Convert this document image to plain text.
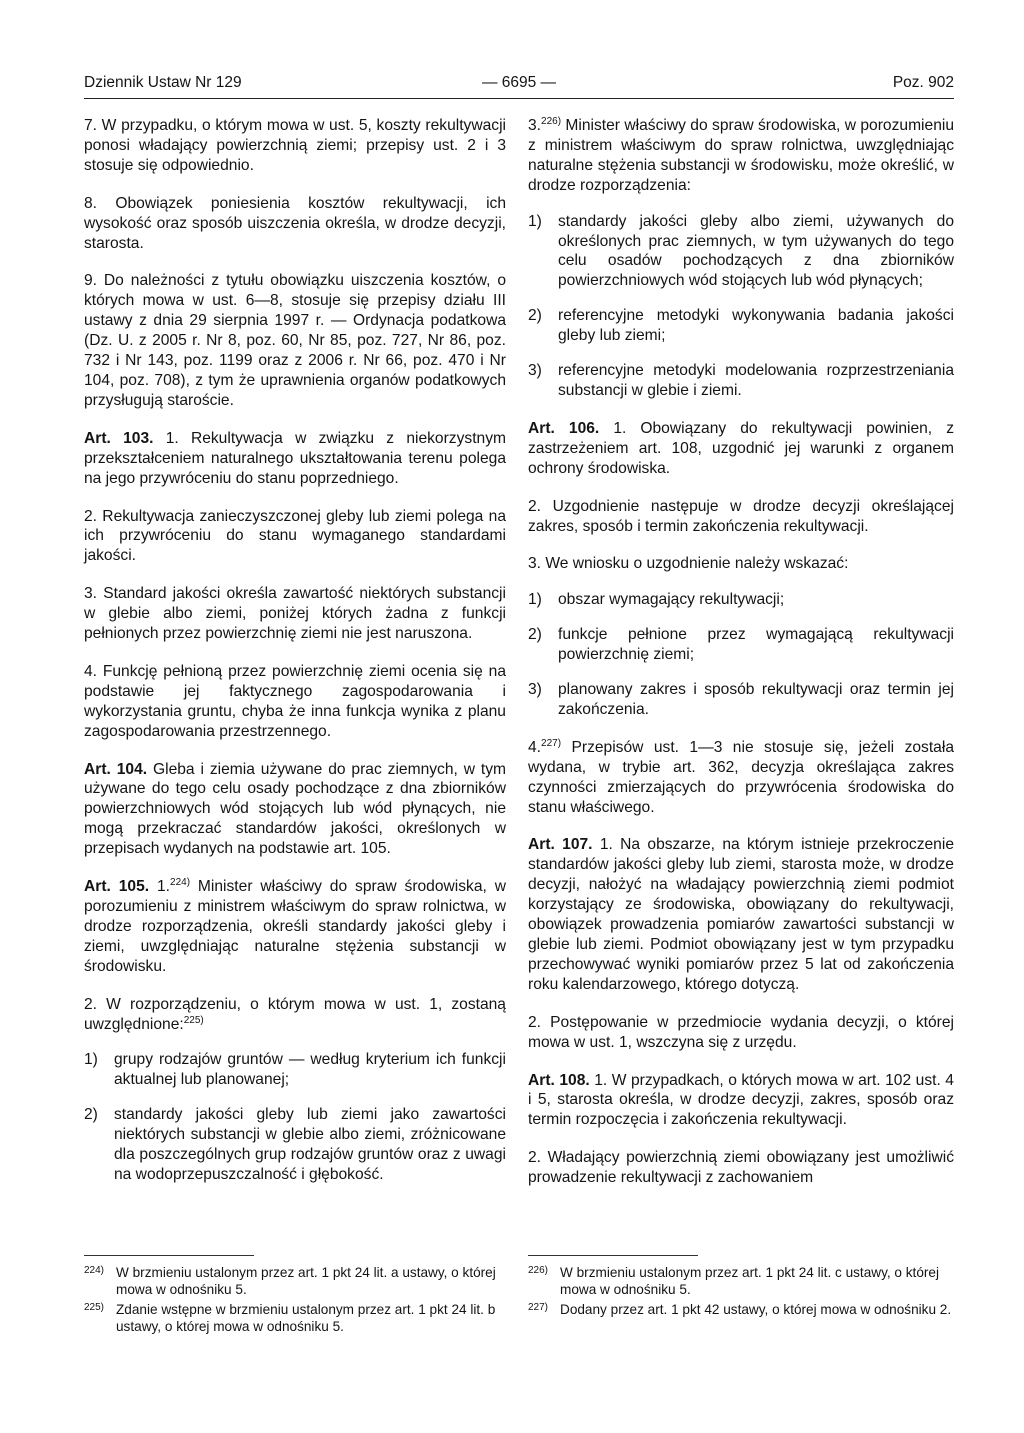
Dziennik Ustaw Nr 129	— 6695 —	Poz. 902

7. W przypadku, o którym mowa w ust. 5, koszty rekultywacji ponosi władający powierzchnią ziemi; przepisy ust. 2 i 3 stosuje się odpowiednio.

8. Obowiązek poniesienia kosztów rekultywacji, ich wysokość oraz sposób uiszczenia określa, w drodze decyzji, starosta.

9. Do należności z tytułu obowiązku uiszczenia kosztów, o których mowa w ust. 6—8, stosuje się przepisy działu III ustawy z dnia 29 sierpnia 1997 r. — Ordynacja podatkowa (Dz. U. z 2005 r. Nr 8, poz. 60, Nr 85, poz. 727, Nr 86, poz. 732 i Nr 143, poz. 1199 oraz z 2006 r. Nr 66, poz. 470 i Nr 104, poz. 708), z tym że uprawnienia organów podatkowych przysługują staroście.

Art. 103. 1. Rekultywacja w związku z niekorzystnym przekształceniem naturalnego ukształtowania terenu polega na jego przywróceniu do stanu poprzedniego.

2. Rekultywacja zanieczyszczonej gleby lub ziemi polega na ich przywróceniu do stanu wymaganego standardami jakości.

3. Standard jakości określa zawartość niektórych substancji w glebie albo ziemi, poniżej których żadna z funkcji pełnionych przez powierzchnię ziemi nie jest naruszona.

4. Funkcję pełnioną przez powierzchnię ziemi ocenia się na podstawie jej faktycznego zagospodarowania i wykorzystania gruntu, chyba że inna funkcja wynika z planu zagospodarowania przestrzennego.

Art. 104. Gleba i ziemia używane do prac ziemnych, w tym używane do tego celu osady pochodzące z dna zbiorników powierzchniowych wód stojących lub wód płynących, nie mogą przekraczać standardów jakości, określonych w przepisach wydanych na podstawie art. 105.

Art. 105. 1.$^{224)}$ Minister właściwy do spraw środowiska, w porozumieniu z ministrem właściwym do spraw rolnictwa, w drodze rozporządzenia, określi standardy jakości gleby i ziemi, uwzględniając naturalne stężenia substancji w środowisku.

2. W rozporządzeniu, o którym mowa w ust. 1, zostaną uwzględnione:$^{225)}$

1)	grupy rodzajów gruntów — według kryterium ich funkcji aktualnej lub planowanej;
2)	standardy jakości gleby lub ziemi jako zawartości niektórych substancji w glebie albo ziemi, zróżnicowane dla poszczególnych grup rodzajów gruntów oraz z uwagi na wodoprzepuszczalność i głębokość.

3.$^{226)}$ Minister właściwy do spraw środowiska, w porozumieniu z ministrem właściwym do spraw rolnictwa, uwzględniając naturalne stężenia substancji w środowisku, może określić, w drodze rozporządzenia:

1)	standardy jakości gleby albo ziemi, używanych do określonych prac ziemnych, w tym używanych do tego celu osadów pochodzących z dna zbiorników powierzchniowych wód stojących lub wód płynących;
2)	referencyjne metodyki wykonywania badania jakości gleby lub ziemi;
3)	referencyjne metodyki modelowania rozprzestrzeniania substancji w glebie i ziemi.

Art. 106. 1. Obowiązany do rekultywacji powinien, z zastrzeżeniem art. 108, uzgodnić jej warunki z organem ochrony środowiska.

2. Uzgodnienie następuje w drodze decyzji określającej zakres, sposób i termin zakończenia rekultywacji.

3. We wniosku o uzgodnienie należy wskazać:

1)	obszar wymagający rekultywacji;
2)	funkcje pełnione przez wymagającą rekultywacji powierzchnię ziemi;
3)	planowany zakres i sposób rekultywacji oraz termin jej zakończenia.

4.$^{227)}$ Przepisów ust. 1—3 nie stosuje się, jeżeli została wydana, w trybie art. 362, decyzja określająca zakres czynności zmierzających do przywrócenia środowiska do stanu właściwego.

Art. 107. 1. Na obszarze, na którym istnieje przekroczenie standardów jakości gleby lub ziemi, starosta może, w drodze decyzji, nałożyć na władający powierzchnią ziemi podmiot korzystający ze środowiska, obowiązany do rekultywacji, obowiązek prowadzenia pomiarów zawartości substancji w glebie lub ziemi. Podmiot obowiązany jest w tym przypadku przechowywać wyniki pomiarów przez 5 lat od zakończenia roku kalendarzowego, którego dotyczą.

2. Postępowanie w przedmiocie wydania decyzji, o której mowa w ust. 1, wszczyna się z urzędu.

Art. 108. 1. W przypadkach, o których mowa w art. 102 ust. 4 i 5, starosta określa, w drodze decyzji, zakres, sposób oraz termin rozpoczęcia i zakończenia rekultywacji.

2. Władający powierzchnią ziemi obowiązany jest umożliwić prowadzenie rekultywacji z zachowaniem

224) W brzmieniu ustalonym przez art. 1 pkt 24 lit. a ustawy, o której mowa w odnośniku 5.
225) Zdanie wstępne w brzmieniu ustalonym przez art. 1 pkt 24 lit. b ustawy, o której mowa w odnośniku 5.
226) W brzmieniu ustalonym przez art. 1 pkt 24 lit. c ustawy, o której mowa w odnośniku 5.
227) Dodany przez art. 1 pkt 42 ustawy, o której mowa w odnośniku 2.
